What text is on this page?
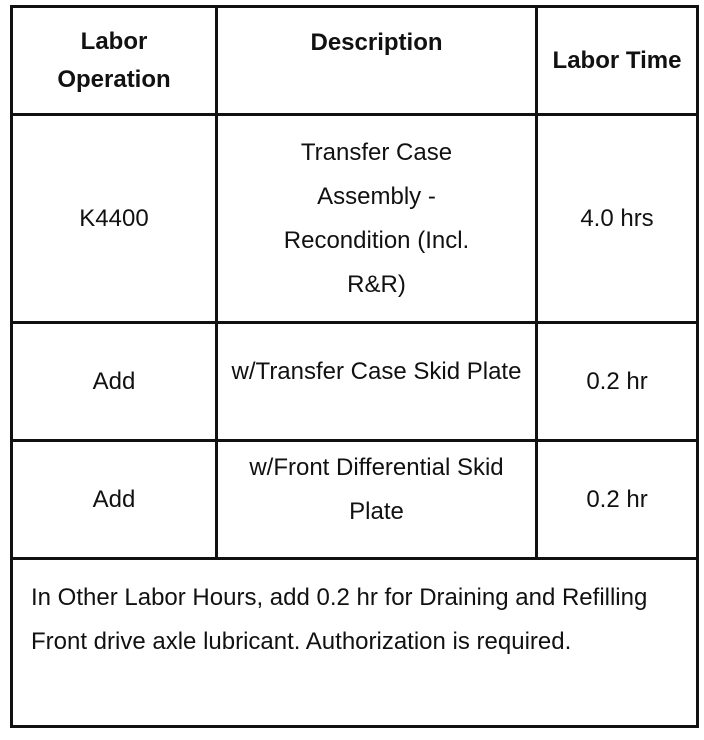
Labor Operation	Description	Labor Time
K4400	Transfer Case Assembly - Recondition (Incl. R&R)	4.0 hrs
Add	w/Transfer Case Skid Plate	0.2 hr
Add	w/Front Differential Skid Plate	0.2 hr

In Other Labor Hours, add 0.2 hr for Draining and Refilling Front drive axle lubricant. Authorization is required.		
